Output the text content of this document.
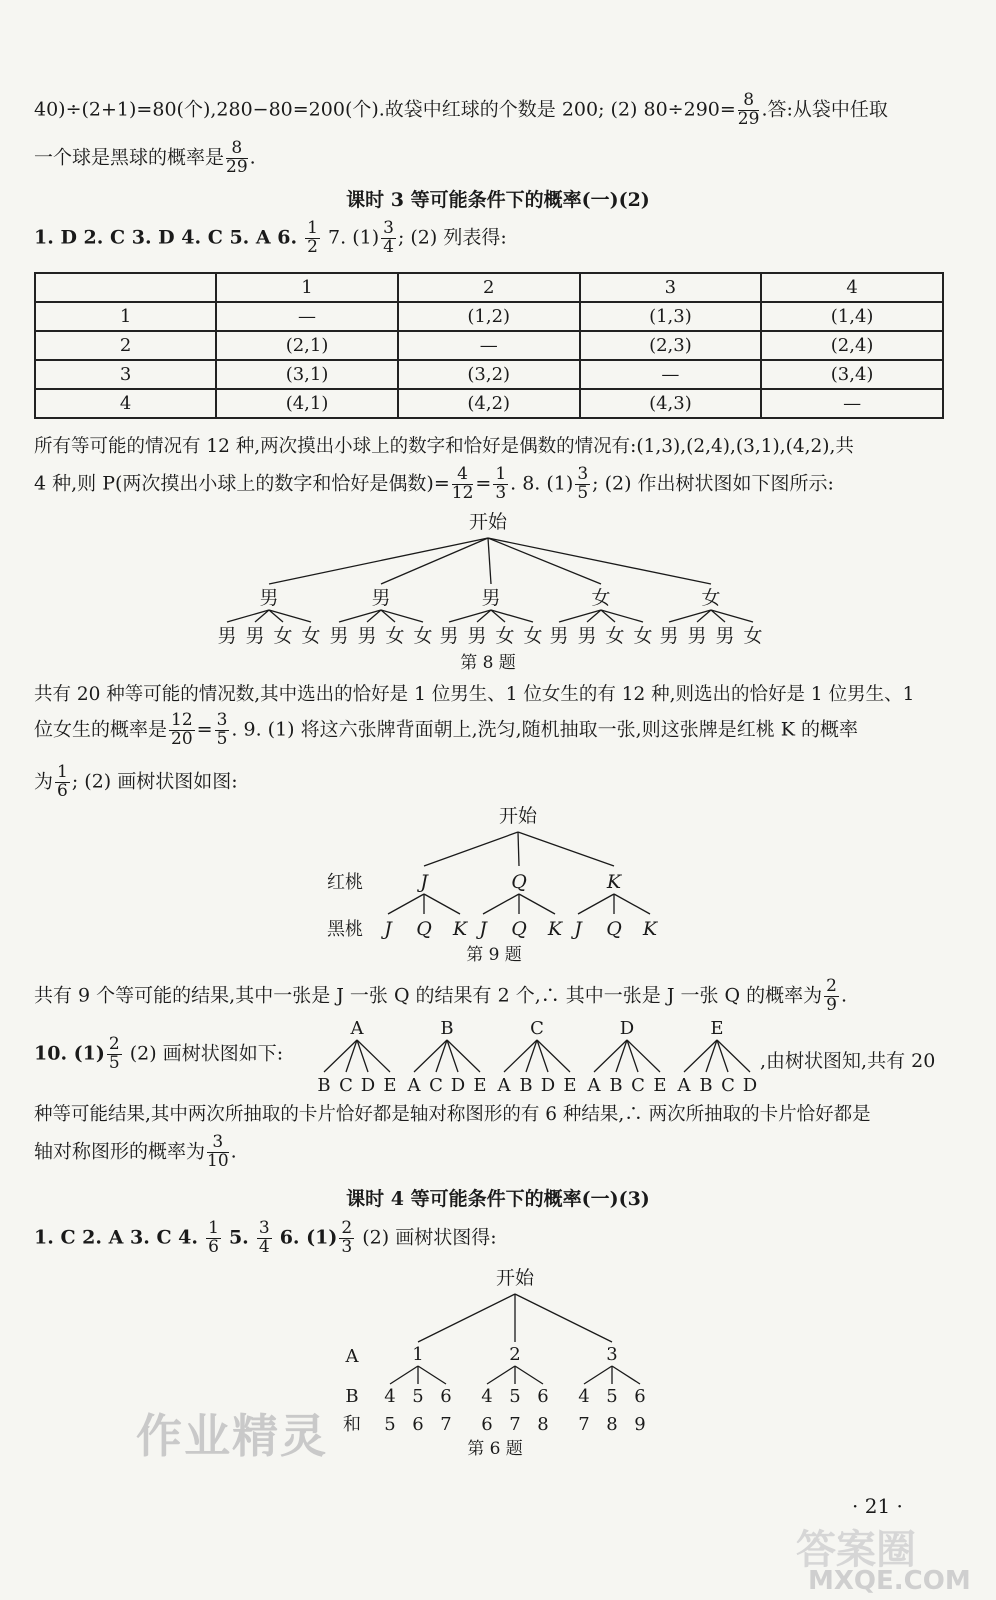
40)÷(2+1)=80(个),280−80=200(个).故袋中红球的个数是 200; (2) $80\div 290= \frac{8}{29}$ .答:从袋中任取
一个球是黑球的概率是 $\frac{8}{29}$ .
课时 3 等可能条件下的概率(一)(2)
1. D 2. C 3. D 4. C 5. A 6. $\frac{1}{2} 7$. $(1) \frac{3}{4}$ ; (2) 列表得:
	1	2	3	4
1	—	(1,2)	(1,3)	(1,4)
2	(2,1)	—	(2,3)	(2,4)
3	(3,1)	(3,2)	—	(3,4)
4	(4,1)	(4,2)	(4,3)	—
所有等可能的情况有 12 种,两次摸出小球上的数字和恰好是偶数的情况有:(1,3),(2,4),(3,1),(4,2),共
4 种,则 P(两次摸出小球上的数字和恰好是偶数)= $\frac{4}{12} = \frac{1}{3}$ . 8. $(1) \frac{3}{5}$ ; (2) 作出树状图如下图所示:
开始
男
男 男 女 女
男
男 男 女 女
男
男 男 女 女
女
男 男 女 女
女
男 男 男 女
第 8 题
开始
红桃
黑桃
J
J Q K
Q
J Q K
K
J Q K
第 9 题
A
B C D E
B
A C D E
C
A B D E
D
A B C E
E
A B C D
开始
A
B
和
1
4
5
5
6
6
7
2
4
6
5
7
6
8
3
4
7
5
8
6
9
第 6 题
共有 20 种等可能的情况数,其中选出的恰好是 1 位男生、1 位女生的有 12 种,则选出的恰好是 1 位男生、1
位女生的概率是 $\frac{12}{20} = \frac{3}{5}$ . 9. (1) 将这六张牌背面朝上,洗匀,随机抽取一张,则这张牌是红桃 K 的概率
为 $\frac{1}{6}$ ; (2) 画树状图如图:
共有 9 个等可能的结果,其中一张是 J 一张 Q 的结果有 2 个,∴ 其中一张是 J 一张 Q 的概率为 $\frac{2}{9}$ .
10. $(1) \frac{2}{5} (2)$ 画树状图如下:	,由树状图知,共有 20
种等可能结果,其中两次所抽取的卡片恰好都是轴对称图形的有 6 种结果,∴ 两次所抽取的卡片恰好都是
轴对称图形的概率为 $\frac{3}{10}$ .
课时 4 等可能条件下的概率(一)(3)
1. C 2. A 3. C 4. $\frac{1}{6} 5$. $\frac{3}{4} 6$. $(1) \frac{2}{3} (2)$ 画树状图得:
作业精灵
· 21 ·
答案圈
MXQE.COM
